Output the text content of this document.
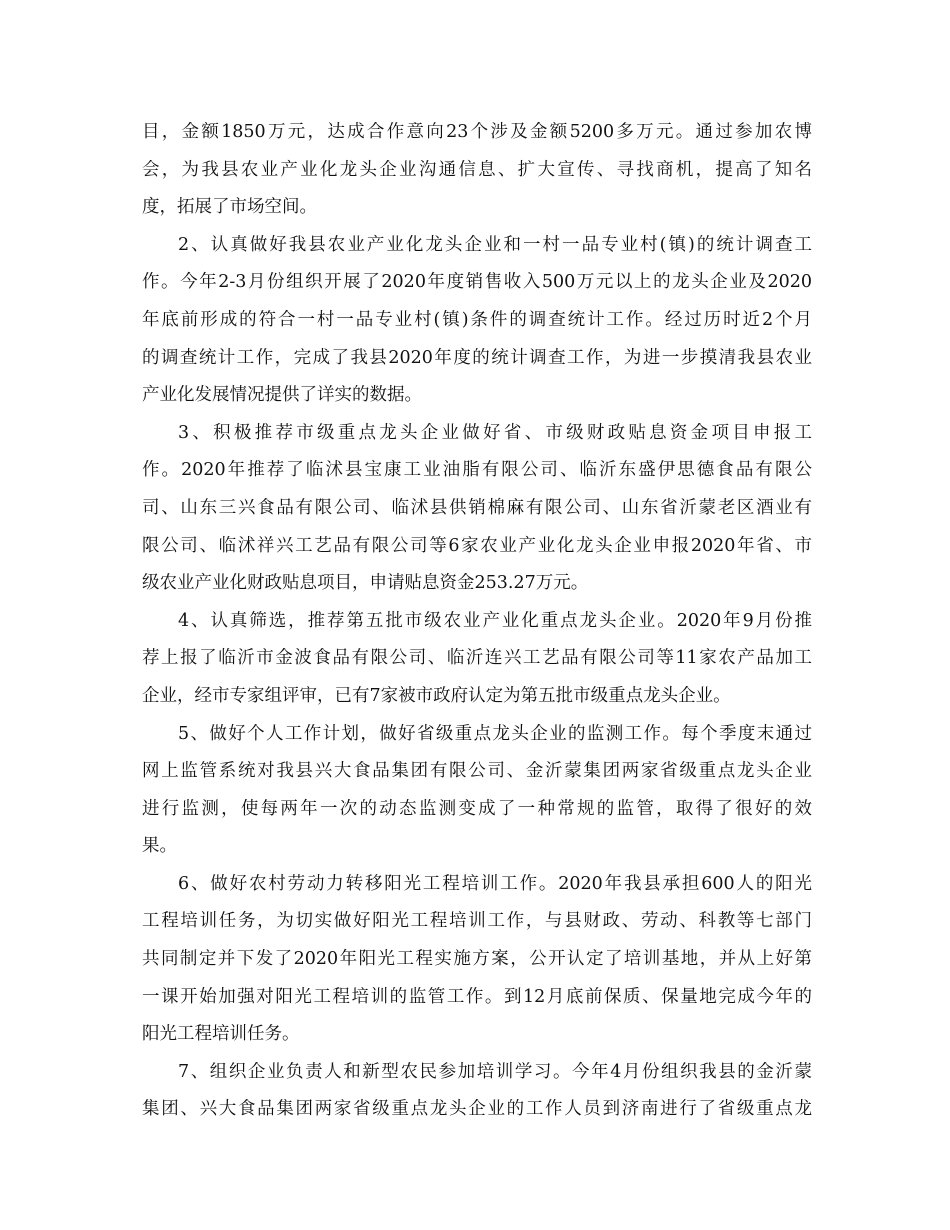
目，金额1850万元，达成合作意向23个涉及金额5200多万元。通过参加农博
会，为我县农业产业化龙头企业沟通信息、扩大宣传、寻找商机，提高了知名
度，拓展了市场空间。
2、认真做好我县农业产业化龙头企业和一村一品专业村(镇)的统计调查工
作。今年2-3月份组织开展了2020年度销售收入500万元以上的龙头企业及2020
年底前形成的符合一村一品专业村(镇)条件的调查统计工作。经过历时近2个月
的调查统计工作，完成了我县2020年度的统计调查工作，为进一步摸清我县农业
产业化发展情况提供了详实的数据。
3、积极推荐市级重点龙头企业做好省、市级财政贴息资金项目申报工
作。2020年推荐了临沭县宝康工业油脂有限公司、临沂东盛伊思德食品有限公
司、山东三兴食品有限公司、临沭县供销棉麻有限公司、山东省沂蒙老区酒业有
限公司、临沭祥兴工艺品有限公司等6家农业产业化龙头企业申报2020年省、市
级农业产业化财政贴息项目，申请贴息资金253.27万元。
4、认真筛选，推荐第五批市级农业产业化重点龙头企业。2020年9月份推
荐上报了临沂市金波食品有限公司、临沂连兴工艺品有限公司等11家农产品加工
企业，经市专家组评审，已有7家被市政府认定为第五批市级重点龙头企业。
5、做好个人工作计划，做好省级重点龙头企业的监测工作。每个季度末通过
网上监管系统对我县兴大食品集团有限公司、金沂蒙集团两家省级重点龙头企业
进行监测，使每两年一次的动态监测变成了一种常规的监管，取得了很好的效
果。
6、做好农村劳动力转移阳光工程培训工作。2020年我县承担600人的阳光
工程培训任务，为切实做好阳光工程培训工作，与县财政、劳动、科教等七部门
共同制定并下发了2020年阳光工程实施方案，公开认定了培训基地，并从上好第
一课开始加强对阳光工程培训的监管工作。到12月底前保质、保量地完成今年的
阳光工程培训任务。
7、组织企业负责人和新型农民参加培训学习。今年4月份组织我县的金沂蒙
集团、兴大食品集团两家省级重点龙头企业的工作人员到济南进行了省级重点龙
